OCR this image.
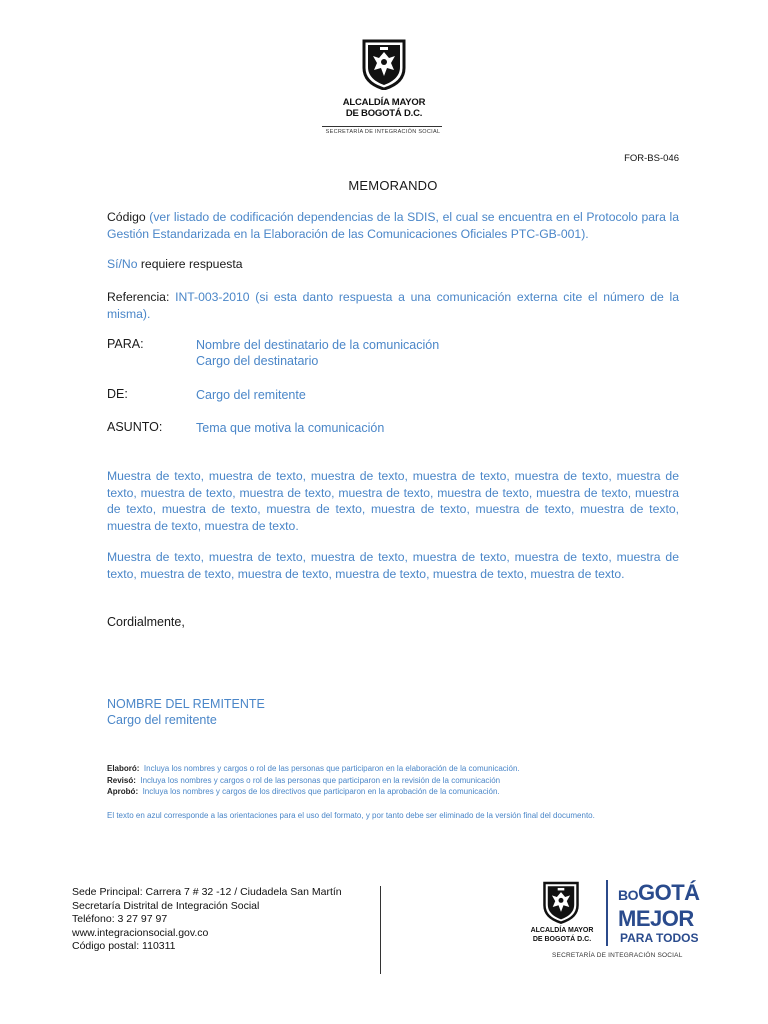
ALCALDÍA MAYOR
DE BOGOTÁ D.C.
SECRETARÍA DE INTEGRACIÓN SOCIAL
FOR-BS-046
MEMORANDO
Código (ver listado de codificación dependencias de la SDIS, el cual se encuentra en el Protocolo para la Gestión Estandarizada en la Elaboración de las Comunicaciones Oficiales PTC-GB-001).
Sí/No requiere respuesta
Referencia: INT-003-2010 (si esta danto respuesta a una comunicación externa cite el número de la misma).
PARA:	Nombre del destinatario de la comunicación
Cargo del destinatario
DE:	Cargo del remitente
ASUNTO:	Tema que motiva la comunicación
Muestra de texto, muestra de texto, muestra de texto, muestra de texto, muestra de texto, muestra de texto, muestra de texto, muestra de texto, muestra de texto, muestra de texto, muestra de texto, muestra de texto, muestra de texto, muestra de texto, muestra de texto, muestra de texto, muestra de texto, muestra de texto, muestra de texto.
Muestra de texto, muestra de texto, muestra de texto, muestra de texto, muestra de texto, muestra de texto, muestra de texto, muestra de texto, muestra de texto, muestra de texto, muestra de texto.
Cordialmente,
NOMBRE DEL REMITENTE
Cargo del remitente
Elaboró: Incluya los nombres y cargos o rol de las personas que participaron en la elaboración de la comunicación.
Revisó: Incluya los nombres y cargos o rol de las personas que participaron en la revisión de la comunicación
Aprobó: Incluya los nombres y cargos de los directivos que participaron en la aprobación de la comunicación.
El texto en azul corresponde a las orientaciones para el uso del formato, y por tanto debe ser eliminado de la versión final del documento.
Sede Principal: Carrera 7 # 32 -12 / Ciudadela San Martín
Secretaría Distrital de Integración Social
Teléfono: 3 27 97 97
www.integracionsocial.gov.co
Código postal: 110311
ALCALDÍA MAYOR
DE BOGOTÁ D.C.
BOGOTÁ
MEJOR
PARA TODOS
SECRETARÍA DE INTEGRACIÓN SOCIAL
